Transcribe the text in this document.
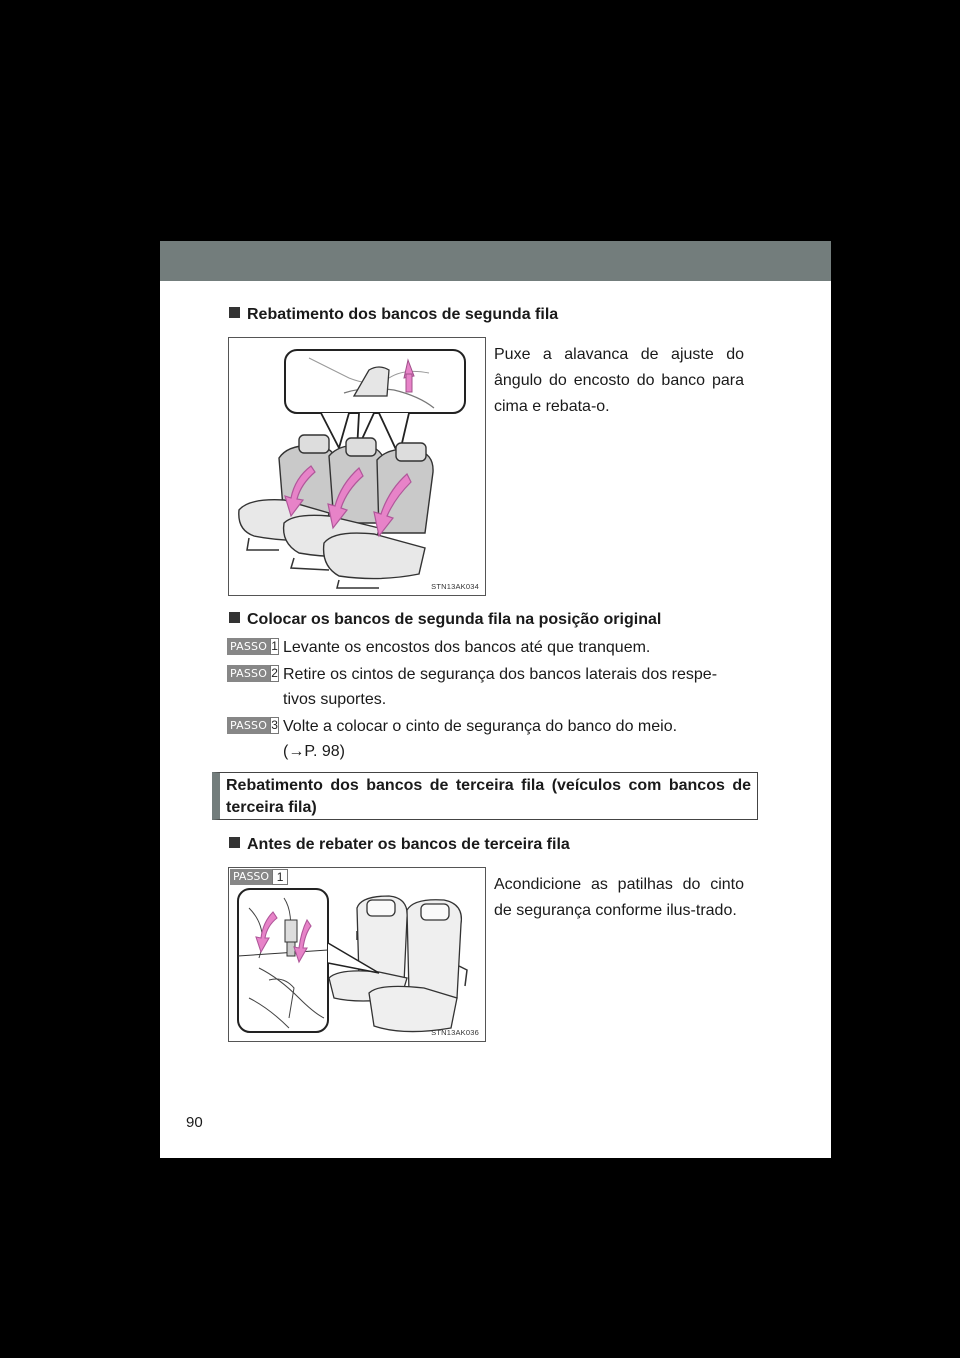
Rebatimento dos bancos de segunda fila
STN13AK034
Puxe a alavanca de ajuste do ângulo do encosto do banco para cima e rebata-o.
Colocar os bancos de segunda fila na posição original
PASSO 1 Levante os encostos dos bancos até que tranquem.
PASSO 2 Retire os cintos de segurança dos bancos laterais dos respe-tivos suportes.
PASSO 3 Volte a colocar o cinto de segurança do banco do meio.
(→P. 98)
Rebatimento dos bancos de terceira fila (veículos com bancos de terceira fila)
Antes de rebater os bancos de terceira fila
PASSO 1
STN13AK036
Acondicione as patilhas do cinto de segurança conforme ilus-trado.
90
